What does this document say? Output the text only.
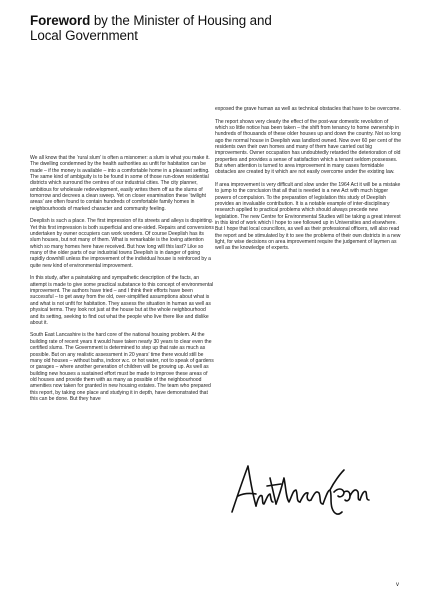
Foreword by the Minister of Housing and
Local Government

We all know that the ‘rural slum’ is often a misnomer: a slum is what you make it. The dwelling condemned by the health authorities as unfit for habitation can be made – if the money is available – into a comfortable home in a pleasant setting. The same kind of ambiguity is to be found in some of those run-down residential districts which surround the centres of our industrial cities. The city planner, ambitious for wholesale redevelopment, easily writes them off as the slums of tomorrow and decrees a clean sweep. Yet on closer examination these ‘twilight areas’ are often found to contain hundreds of comfortable family homes in neighbourhoods of marked character and community feeling.

Deeplish is such a place. The first impression of its streets and alleys is dispiriting. Yet this first impression is both superficial and one-sided. Repairs and conversions undertaken by owner occupiers can work wonders. Of course Deeplish has its slum houses, but not many of them. What is remarkable is the loving attention which so many homes here have received. But how long will this last? Like so many of the older parts of our industrial towns Deeplish is in danger of going rapidly downhill unless the improvement of the individual house is reinforced by a quite new kind of environmental improvement.

In this study, after a painstaking and sympathetic description of the facts, an attempt is made to give some practical substance to this concept of environmental improvement. The authors have tried – and I think their efforts have been successful – to get away from the old, over-simplified assumptions about what is and what is not unfit for habitation. They assess the situation in human as well as physical terms. They look not just at the house but at the whole neighbourhood and its setting, seeking to find out what the people who live there like and dislike about it.

South East Lancashire is the hard core of the national housing problem. At the building rate of recent years it would have taken nearly 30 years to clear even the certified slums. The Government is determined to step up that rate as much as possible. But on any realistic assessment in 20 years’ time there would still be many old houses – without baths, indoor w.c. or hot water, not to speak of gardens or garages – where another generation of children will be growing up. As well as building new houses a sustained effort must be made to improve these areas of old houses and provide them with as many as possible of the neighbourhood amenities now taken for granted in new housing estates. The team who prepared this report, by taking one place and studying it in depth, have demonstrated that this can be done. But they have

exposed the grave human as well as technical obstacles that have to be overcome.

The report shows very clearly the effect of the post-war domestic revolution of which so little notice has been taken – the shift from tenancy to home ownership in hundreds of thousands of these older houses up and down the country. Not so long ago the normal house in Deeplish was landlord owned. Now over 60 per cent of the residents own their own homes and many of them have carried out big improvements. Owner occupation has undoubtedly retarded the deterioration of old properties and provides a sense of satisfaction which a tenant seldom possesses. But when attention is turned to area improvement in many cases formidable obstacles are created by it which are not easily overcome under the existing law.

If area improvement is very difficult and slow under the 1964 Act it will be a mistake to jump to the conclusion that all that is needed is a new Act with much bigger powers of compulsion. To the preparation of legislation this study of Deeplish provides an invaluable contribution. It is a notable example of inter-disciplinary research applied to practical problems which should always precede new legislation. The new Centre for Environmental Studies will be taking a great interest in this kind of work which I hope to see followed up in Universities and elsewhere. But I hope that local councillors, as well as their professional officers, will also read the report and be stimulated by it to see the problems of their own districts in a new light, for wise decisions on area improvement require the judgement of laymen as well as the knowledge of experts.

v
